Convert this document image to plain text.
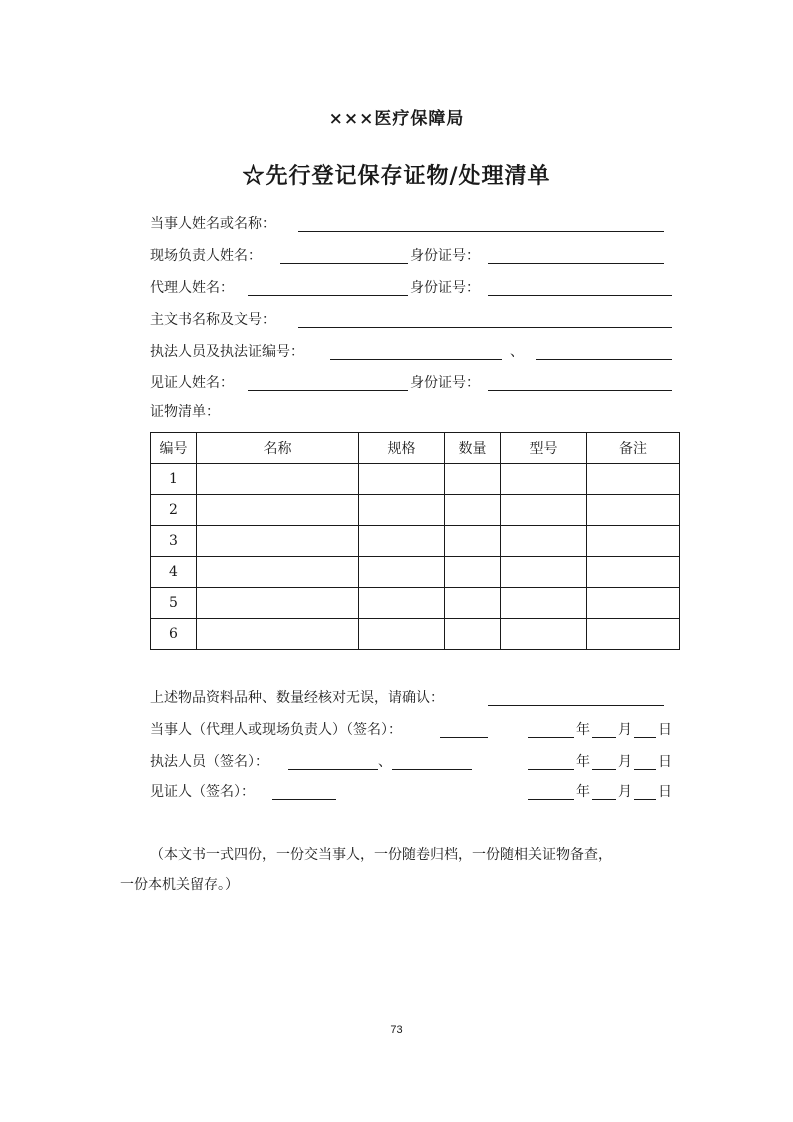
×××医疗保障局
☆先行登记保存证物/处理清单
当事人姓名或名称：
现场负责人姓名：	身份证号：
代理人姓名：	身份证号：
主文书名称及文号：
执法人员及执法证编号：	、
见证人姓名：	身份证号：
证物清单：
编号	名称	规格	数量	型号	备注
1					
2					
3					
4					
5					
6					
上述物品资料品种、数量经核对无误，请确认：
当事人（代理人或现场负责人）（签名）：	年 月 日
执法人员（签名）：	、	年 月 日
见证人（签名）：	年 月 日
（本文书一式四份，一份交当事人，一份随卷归档，一份随相关证物备查，
一份本机关留存。）
73
